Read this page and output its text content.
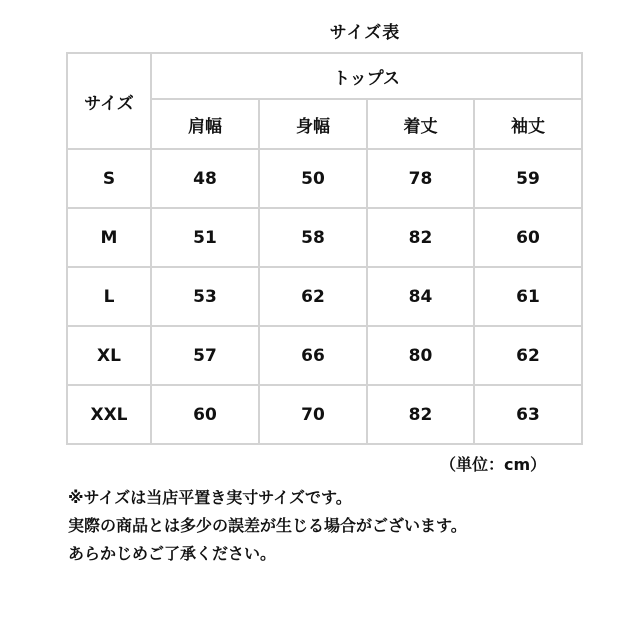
サイズ表
サイズ	トップス			
	肩幅	身幅	着丈	袖丈
S	48	50	78	59
M	51	58	82	60
L	53	62	84	61
XL	57	66	80	62
XXL	60	70	82	63
（単位：cm）
※サイズは当店平置き実寸サイズです。
実際の商品とは多少の誤差が生じる場合がございます。
あらかじめご了承ください。
